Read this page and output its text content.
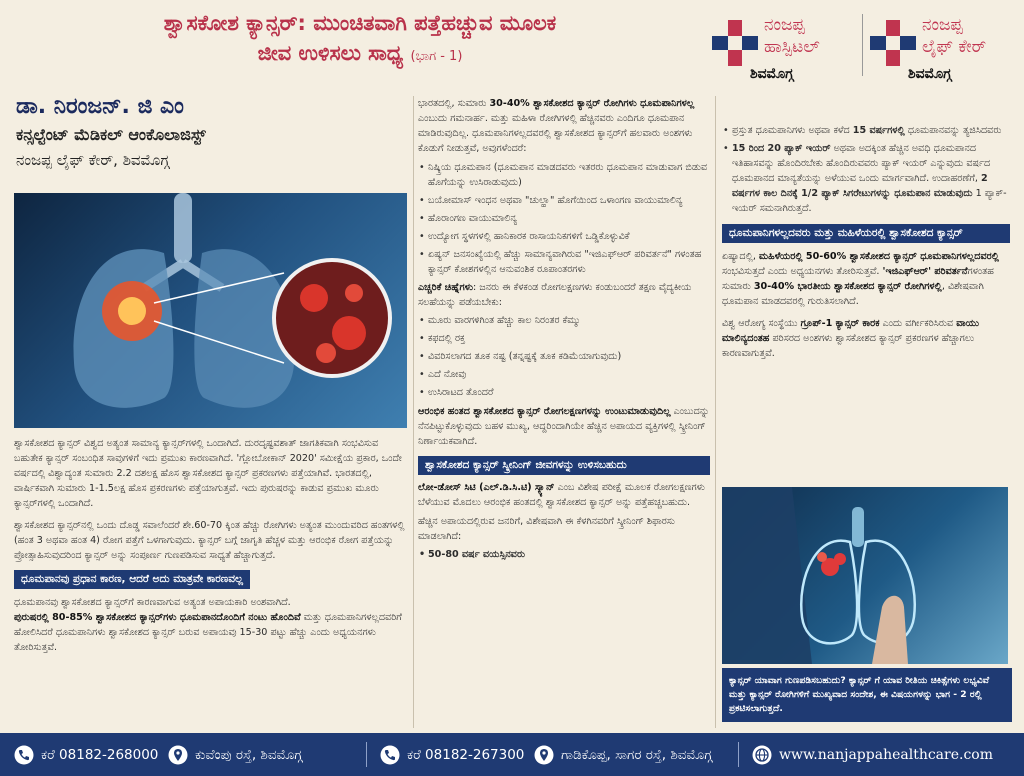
ಶ್ವಾಸಕೋಶ ಕ್ಯಾನ್ಸರ್: ಮುಂಚಿತವಾಗಿ ಪತ್ತೆಹಚ್ಚುವ ಮೂಲಕ
ಜೀವ ಉಳಿಸಲು ಸಾಧ್ಯ (ಭಾಗ - 1)
ನಂಜಪ್ಪ
ಹಾಸ್ಪಿಟಲ್
ಶಿವಮೊಗ್ಗ
ನಂಜಪ್ಪ
ಲೈಫ್ ಕೇರ್
ಶಿವಮೊಗ್ಗ
ಡಾ. ನಿರಂಜನ್. ಜಿ ಎಂ
ಕನ್ಸಲ್ಟೆಂಟ್ ಮೆಡಿಕಲ್ ಆಂಕೊಲಾಜಿಸ್ಟ್
ನಂಜಪ್ಪ ಲೈಫ್ ಕೇರ್, ಶಿವಮೊಗ್ಗ

ಶ್ವಾಸಕೋಶದ ಕ್ಯಾನ್ಸರ್ ವಿಶ್ವದ ಅತ್ಯಂತ ಸಾಮಾನ್ಯ ಕ್ಯಾನ್ಸರ್‌ಗಳಲ್ಲಿ ಒಂದಾಗಿದೆ. ದುರದೃಷ್ಟವಶಾತ್ ಜಾಗತಿಕವಾಗಿ ಸಂಭವಿಸುವ ಬಹುತೇಕ ಕ್ಯಾನ್ಸರ್ ಸಂಬಂಧಿತ ಸಾವುಗಳಿಗೆ ಇದು ಪ್ರಮುಖ ಕಾರಣವಾಗಿದೆ. 'ಗ್ಲೋಬೋಕಾನ್ 2020' ಸಮೀಕ್ಷೆಯ ಪ್ರಕಾರ, ಒಂದೇ ವರ್ಷದಲ್ಲಿ ವಿಶ್ವಾದ್ಯಂತ ಸುಮಾರು 2.2 ದಶಲಕ್ಷ ಹೊಸ ಶ್ವಾಸಕೋಶದ ಕ್ಯಾನ್ಸರ್ ಪ್ರಕರಣಗಳು ಪತ್ತೆಯಾಗಿವೆ. ಭಾರತದಲ್ಲಿ, ವಾರ್ಷಿಕವಾಗಿ ಸುಮಾರು 1-1.5ಲಕ್ಷ ಹೊಸ ಪ್ರಕರಣಗಳು ಪತ್ತೆಯಾಗುತ್ತವೆ. ಇದು ಪುರುಷರನ್ನು ಕಾಡುವ ಪ್ರಮುಖ ಮೂರು ಕ್ಯಾನ್ಸರ್‌ಗಳಲ್ಲಿ ಒಂದಾಗಿದೆ.

ಶ್ವಾಸಕೋಶದ ಕ್ಯಾನ್ಸರ್‌ನಲ್ಲಿ ಒಂದು ದೊಡ್ಡ ಸವಾಲೆಂದರೆ ಶೇ.60-70 ಕ್ಕಿಂತ ಹೆಚ್ಚು ರೋಗಿಗಳು ಅತ್ಯಂತ ಮುಂದುವರಿದ ಹಂತಗಳಲ್ಲಿ (ಹಂತ 3 ಅಥವಾ ಹಂತ 4) ರೋಗ ಪತ್ತೆಗೆ ಒಳಗಾಗುವುದು. ಕ್ಯಾನ್ಸರ್ ಬಗ್ಗೆ ಜಾಗೃತಿ ಹೆಚ್ಚಳ ಮತ್ತು ಆರಂಭಿಕ ರೋಗ ಪತ್ತೆಯನ್ನು ಪ್ರೋತ್ಸಾಹಿಸುವುದರಿಂದ ಕ್ಯಾನ್ಸರ್ ಅನ್ನು ಸಂಪೂರ್ಣ ಗುಣಪಡಿಸುವ ಸಾಧ್ಯತೆ ಹೆಚ್ಚಾಗುತ್ತದೆ.

ಧೂಮಪಾನವು ಪ್ರಧಾನ ಕಾರಣ, ಆದರೆ ಅದು ಮಾತ್ರವೇ ಕಾರಣವಲ್ಲ

ಧೂಮಪಾನವು ಶ್ವಾಸಕೋಶದ ಕ್ಯಾನ್ಸರ್‌ಗೆ ಕಾರಣವಾಗುವ ಅತ್ಯಂತ ಅಪಾಯಕಾರಿ ಅಂಶವಾಗಿದೆ.

ಪುರುಷರಲ್ಲಿ 80-85% ಶ್ವಾಸಕೋಶದ ಕ್ಯಾನ್ಸರ್‌ಗಳು ಧೂಮಪಾನದೊಂದಿಗೆ ನಂಟು ಹೊಂದಿವೆ ಮತ್ತು ಧೂಮಪಾನಿಗಳಲ್ಲದವರಿಗೆ ಹೋಲಿಸಿದರೆ ಧೂಮಪಾನಿಗಳು ಶ್ವಾಸಕೋಶದ ಕ್ಯಾನ್ಸರ್ ಬರುವ ಅಪಾಯವು 15-30 ಪಟ್ಟು ಹೆಚ್ಚು ಎಂದು ಅಧ್ಯಯನಗಳು ತೋರಿಸುತ್ತವೆ.

ಭಾರತದಲ್ಲಿ, ಸುಮಾರು 30-40% ಶ್ವಾಸಕೋಶದ ಕ್ಯಾನ್ಸರ್ ರೋಗಿಗಳು ಧೂಮಪಾನಿಗಳಲ್ಲ ಎಂಬುದು ಗಮನಾರ್ಹ. ಮತ್ತು ಮಹಿಳಾ ರೋಗಿಗಳಲ್ಲಿ ಹೆಚ್ಚಿನವರು ಎಂದಿಗೂ ಧೂಮಪಾನ ಮಾಡಿರುವುದಿಲ್ಲ. ಧೂಮಪಾನಿಗಳಲ್ಲದವರಲ್ಲಿ ಶ್ವಾಸಕೋಶದ ಕ್ಯಾನ್ಸರ್‌ಗೆ ಹಲವಾರು ಅಂಶಗಳು ಕೊಡುಗೆ ನೀಡುತ್ತವೆ, ಅವುಗಳೆಂದರೆ:

• ನಿಷ್ಕ್ರಿಯ ಧೂಮಪಾನ (ಧೂಮಪಾನ ಮಾಡದವರು ಇತರರು ಧೂಮಪಾನ ಮಾಡುವಾಗ ಬಿಡುವ ಹೊಗೆಯನ್ನು ಉಸಿರಾಡುವುದು)
• ಬಯೋಮಾಸ್ ಇಂಧನ ಅಥವಾ "ಚುಲ್ಹಾ" ಹೊಗೆಯಿಂದ ಒಳಾಂಗಣ ವಾಯುಮಾಲಿನ್ಯ
• ಹೊರಾಂಗಣ ವಾಯುಮಾಲಿನ್ಯ
• ಉದ್ಯೋಗ ಸ್ಥಳಗಳಲ್ಲಿ ಹಾನಿಕಾರಕ ರಾಸಾಯನಿಕಗಳಿಗೆ ಒಡ್ಡಿಕೊಳ್ಳುವಿಕೆ
• ಏಷ್ಯನ್ ಜನಸಂಖ್ಯೆಯಲ್ಲಿ ಹೆಚ್ಚು ಸಾಮಾನ್ಯವಾಗಿರುವ "ಇಜಿಎಫ್‌ಆರ್ ಪರಿವರ್ತನೆ" ಗಳಂತಹ ಕ್ಯಾನ್ಸರ್ ಕೋಶಗಳಲ್ಲಿನ ಆನುವಂಶಿಕ ರೂಪಾಂತರಗಳು

ಎಚ್ಚರಿಕೆ ಚಿಹ್ನೆಗಳು: ಜನರು ಈ ಕೆಳಕಂಡ ರೋಗಲಕ್ಷಣಗಳು ಕಂಡುಬಂದರೆ ತಕ್ಷಣ ವೈದ್ಯಕೀಯ ಸಲಹೆಯನ್ನು ಪಡೆಯಬೇಕು:

• ಮೂರು ವಾರಗಳಿಗಿಂತ ಹೆಚ್ಚು ಕಾಲ ನಿರಂತರ ಕೆಮ್ಮು
• ಕಫದಲ್ಲಿ ರಕ್ತ
• ವಿವರಿಸಲಾಗದ ತೂಕ ನಷ್ಟ (ತನ್ನಷ್ಟಕ್ಕೆ ತೂಕ ಕಡಿಮೆಯಾಗುವುದು)
• ಎದೆ ನೋವು
• ಉಸಿರಾಟದ ತೊಂದರೆ

ಆರಂಭಿಕ ಹಂತದ ಶ್ವಾಸಕೋಶದ ಕ್ಯಾನ್ಸರ್ ರೋಗಲಕ್ಷಣಗಳನ್ನು ಉಂಟುಮಾಡುವುದಿಲ್ಲ ಎಂಬುದನ್ನು ನೆನಪಿಟ್ಟುಕೊಳ್ಳುವುದು ಬಹಳ ಮುಖ್ಯ, ಆದ್ದರಿಂದಾಗಿಯೇ ಹೆಚ್ಚಿನ ಅಪಾಯದ ವ್ಯಕ್ತಿಗಳಲ್ಲಿ ಸ್ಕ್ರೀನಿಂಗ್ ನಿರ್ಣಾಯಕವಾಗಿದೆ.

ಶ್ವಾಸಕೋಶದ ಕ್ಯಾನ್ಸರ್ ಸ್ಕ್ರೀನಿಂಗ್ ಜೀವಗಳನ್ನು ಉಳಿಸಬಹುದು

ಲೋ-ಡೋಸ್ ಸಿಟಿ (ಎಲ್.ಡಿ.ಸಿ.ಟಿ) ಸ್ಕ್ಯಾನ್ ಎಂಬ ವಿಶೇಷ ಪರೀಕ್ಷೆ ಮೂಲಕ ರೋಗಲಕ್ಷಣಗಳು ಬೆಳೆಯುವ ಮೊದಲು ಆರಂಭಿಕ ಹಂತದಲ್ಲಿ ಶ್ವಾಸಕೋಶದ ಕ್ಯಾನ್ಸರ್ ಅನ್ನು ಪತ್ತೆಹಚ್ಚಬಹುದು.

ಹೆಚ್ಚಿನ ಅಪಾಯದಲ್ಲಿರುವ ಜನರಿಗೆ, ವಿಶೇಷವಾಗಿ ಈ ಕೆಳಗಿನವರಿಗೆ ಸ್ಕ್ರೀನಿಂಗ್ ಶಿಫಾರಸು ಮಾಡಲಾಗಿದೆ:

• 50-80 ವರ್ಷ ವಯಸ್ಸಿನವರು
• ಪ್ರಸ್ತುತ ಧೂಮಪಾನಿಗಳು ಅಥವಾ ಕಳೆದ 15 ವರ್ಷಗಳಲ್ಲಿ ಧೂಮಪಾನವನ್ನು ತ್ಯಜಿಸಿದವರು
• 15 ರಿಂದ 20 ಪ್ಯಾಕ್ ಇಯರ್ ಅಥವಾ ಅದಕ್ಕಿಂತ ಹೆಚ್ಚಿನ ಅವಧಿ ಧೂಮಪಾನದ ಇತಿಹಾಸವನ್ನು ಹೊಂದಿರಬೇಕು ಹೊಂದಿರುವವರು ಪ್ಯಾಕ್ ಇಯರ್ ಎನ್ನುವುದು ವರ್ಷದ ಧೂಮಪಾನದ ಮಾನ್ಯತೆಯನ್ನು ಅಳೆಯುವ ಒಂದು ಮಾರ್ಗವಾಗಿದೆ. ಉದಾಹರಣೆಗೆ, 2 ವರ್ಷಗಳ ಕಾಲ ದಿನಕ್ಕೆ 1/2 ಪ್ಯಾಕ್ ಸಿಗರೇಟುಗಳನ್ನು ಧೂಮಪಾನ ಮಾಡುವುದು 1 ಪ್ಯಾಕ್- ಇಯರ್ ಸಮನಾಗಿರುತ್ತದೆ.
ಧೂಮಪಾನಿಗಳಲ್ಲದವರು ಮತ್ತು ಮಹಿಳೆಯರಲ್ಲಿ ಶ್ವಾಸಕೋಶದ ಕ್ಯಾನ್ಸರ್

ಏಷ್ಯಾದಲ್ಲಿ, ಮಹಿಳೆಯರಲ್ಲಿ 50-60% ಶ್ವಾಸಕೋಶದ ಕ್ಯಾನ್ಸರ್ ಧೂಮಪಾನಿಗಳಲ್ಲದವರಲ್ಲಿ ಸಂಭವಿಸುತ್ತದೆ ಎಂದು ಅಧ್ಯಯನಗಳು ತೋರಿಸುತ್ತವೆ. 'ಇಜಿಎಫ್‌ಆರ್' ಪರಿವರ್ತನೆಗಳಂತಹ ಸುಮಾರು 30-40% ಭಾರತೀಯ ಶ್ವಾಸಕೋಶದ ಕ್ಯಾನ್ಸರ್ ರೋಗಿಗಳಲ್ಲಿ, ವಿಶೇಷವಾಗಿ ಧೂಮಪಾನ ಮಾಡದವರಲ್ಲಿ ಗುರುತಿಸಲಾಗಿದೆ.

ವಿಶ್ವ ಆರೋಗ್ಯ ಸಂಸ್ಥೆಯು ಗ್ರೂಪ್-1 ಕ್ಯಾನ್ಸರ್ ಕಾರಕ ಎಂದು ವರ್ಗೀಕರಿಸಿರುವ ವಾಯು ಮಾಲಿನ್ಯದಂತಹ ಪರಿಸರದ ಅಂಶಗಳು ಶ್ವಾಸಕೋಶದ ಕ್ಯಾನ್ಸರ್ ಪ್ರಕರಣಗಳ ಹೆಚ್ಚಾಗಲು ಕಾರಣವಾಗುತ್ತವೆ.

ಕ್ಯಾನ್ಸರ್ ಯಾವಾಗ ಗುಣಪಡಿಸಬಹುದು? ಕ್ಯಾನ್ಸರ್‌ ಗೆ ಯಾವ ರೀತಿಯ ಚಿಕಿತ್ಸೆಗಳು ಲಭ್ಯವಿವೆ ಮತ್ತು ಕ್ಯಾನ್ಸರ್ ರೋಗಿಗಳಿಗೆ ಮುಖ್ಯವಾದ ಸಂದೇಶ, ಈ ವಿಷಯಗಳನ್ನು ಭಾಗ - 2 ರಲ್ಲಿ ಪ್ರಕಟಿಸಲಾಗುತ್ತದೆ.
ಕರೆ 08182-268000	ಕುವೆಂಪು ರಸ್ತೆ, ಶಿವಮೊಗ್ಗ	ಕರೆ 08182-267300	ಗಾಡಿಕೊಪ್ಪ, ಸಾಗರ ರಸ್ತೆ, ಶಿವಮೊಗ್ಗ	www.nanjappahealthcare.com
